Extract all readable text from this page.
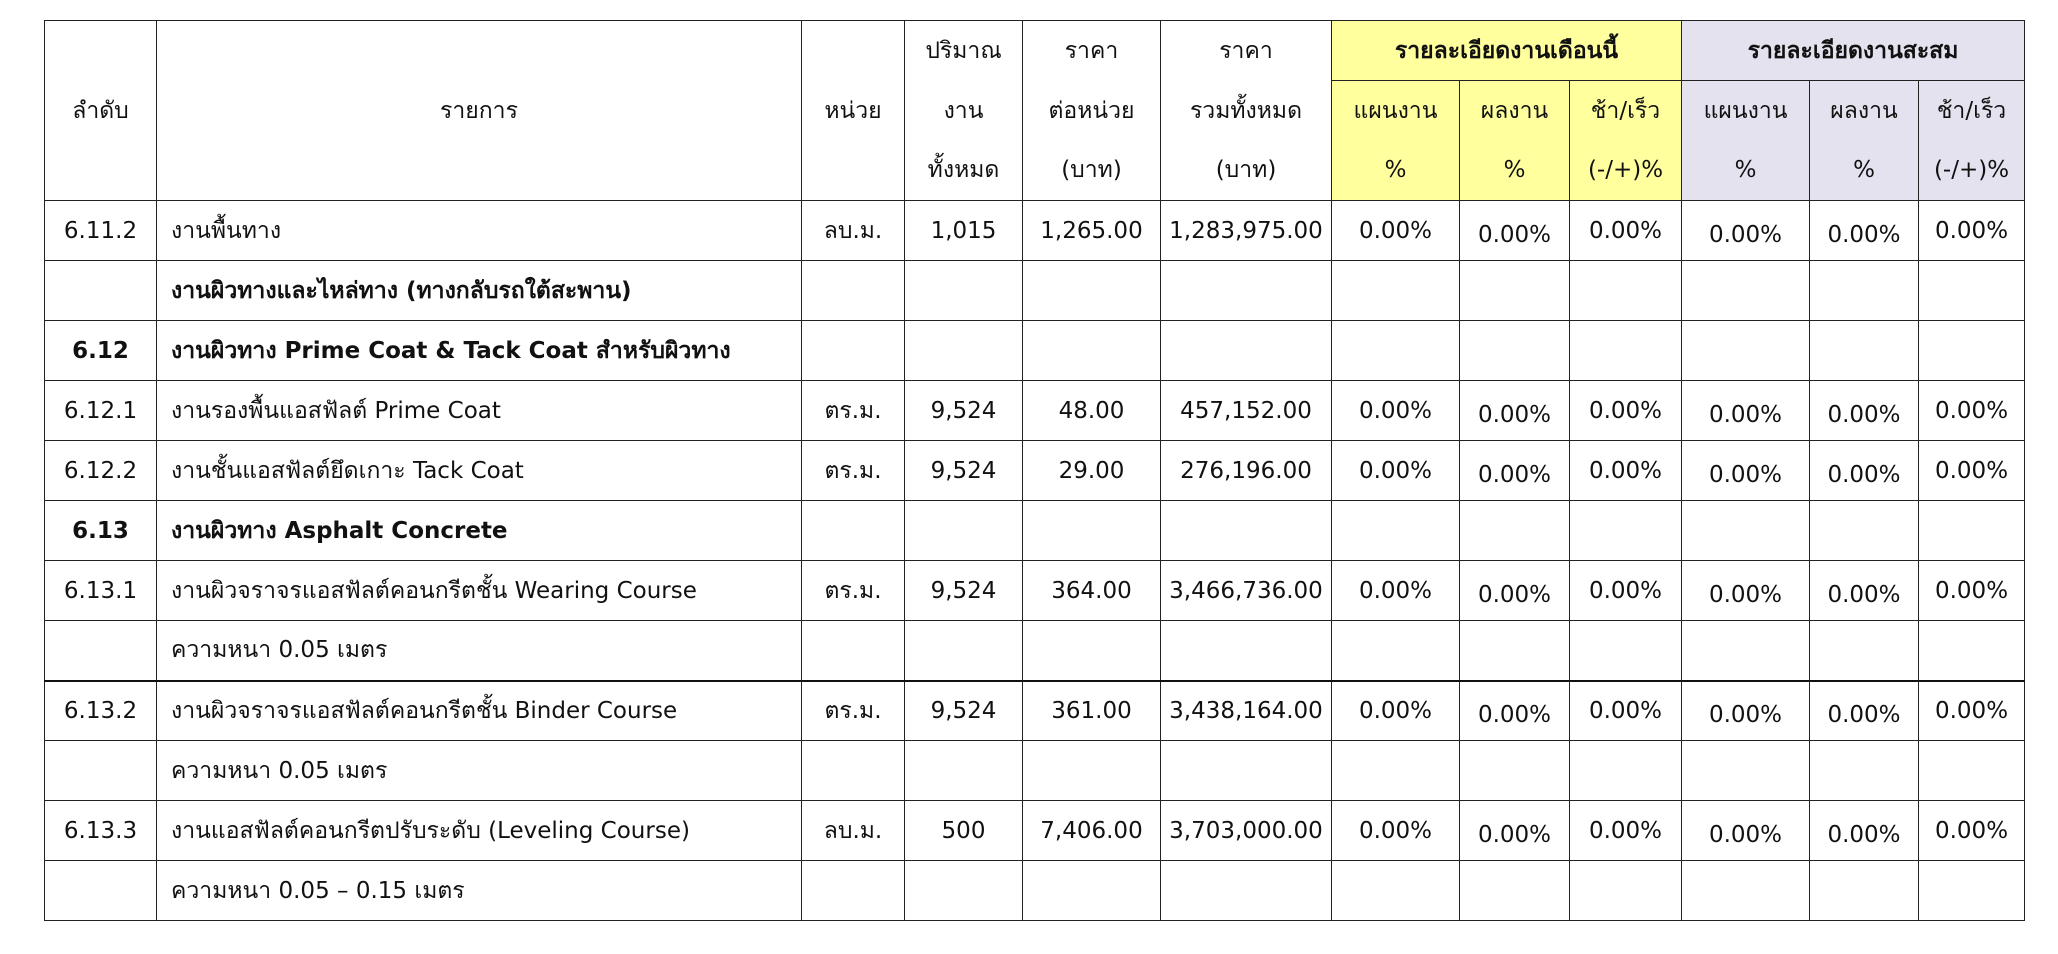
			ปริมาณ	ราคา	ราคา	รายละเอียดงานเดือนนี้			รายละเอียดงานสะสม		
ลำดับ	รายการ	หน่วย	งาน	ต่อหน่วย	รวมทั้งหมด	แผนงาน	ผลงาน	ช้า/เร็ว	แผนงาน	ผลงาน	ช้า/เร็ว
			ทั้งหมด	(บาท)	(บาท)	%	%	(-/+)%	%	%	(-/+)%
6.11.2	งานพื้นทาง	ลบ.ม.	1,015	1,265.00	1,283,975.00	0.00%	0.00%	0.00%	0.00%	0.00%	0.00%
	งานผิวทางและไหล่ทาง (ทางกลับรถใต้สะพาน)										
6.12	งานผิวทาง Prime Coat & Tack Coat สำหรับผิวทาง										
6.12.1	งานรองพื้นแอสฟัลต์ Prime Coat	ตร.ม.	9,524	48.00	457,152.00	0.00%	0.00%	0.00%	0.00%	0.00%	0.00%
6.12.2	งานชั้นแอสฟัลต์ยึดเกาะ Tack Coat	ตร.ม.	9,524	29.00	276,196.00	0.00%	0.00%	0.00%	0.00%	0.00%	0.00%
6.13	งานผิวทาง Asphalt Concrete										
6.13.1	งานผิวจราจรแอสฟัลต์คอนกรีตชั้น Wearing Course	ตร.ม.	9,524	364.00	3,466,736.00	0.00%	0.00%	0.00%	0.00%	0.00%	0.00%
	ความหนา 0.05 เมตร										
6.13.2	งานผิวจราจรแอสฟัลต์คอนกรีตชั้น Binder Course	ตร.ม.	9,524	361.00	3,438,164.00	0.00%	0.00%	0.00%	0.00%	0.00%	0.00%
	ความหนา 0.05 เมตร										
6.13.3	งานแอสฟัลต์คอนกรีตปรับระดับ (Leveling Course)	ลบ.ม.	500	7,406.00	3,703,000.00	0.00%	0.00%	0.00%	0.00%	0.00%	0.00%
	ความหนา 0.05 – 0.15 เมตร										
